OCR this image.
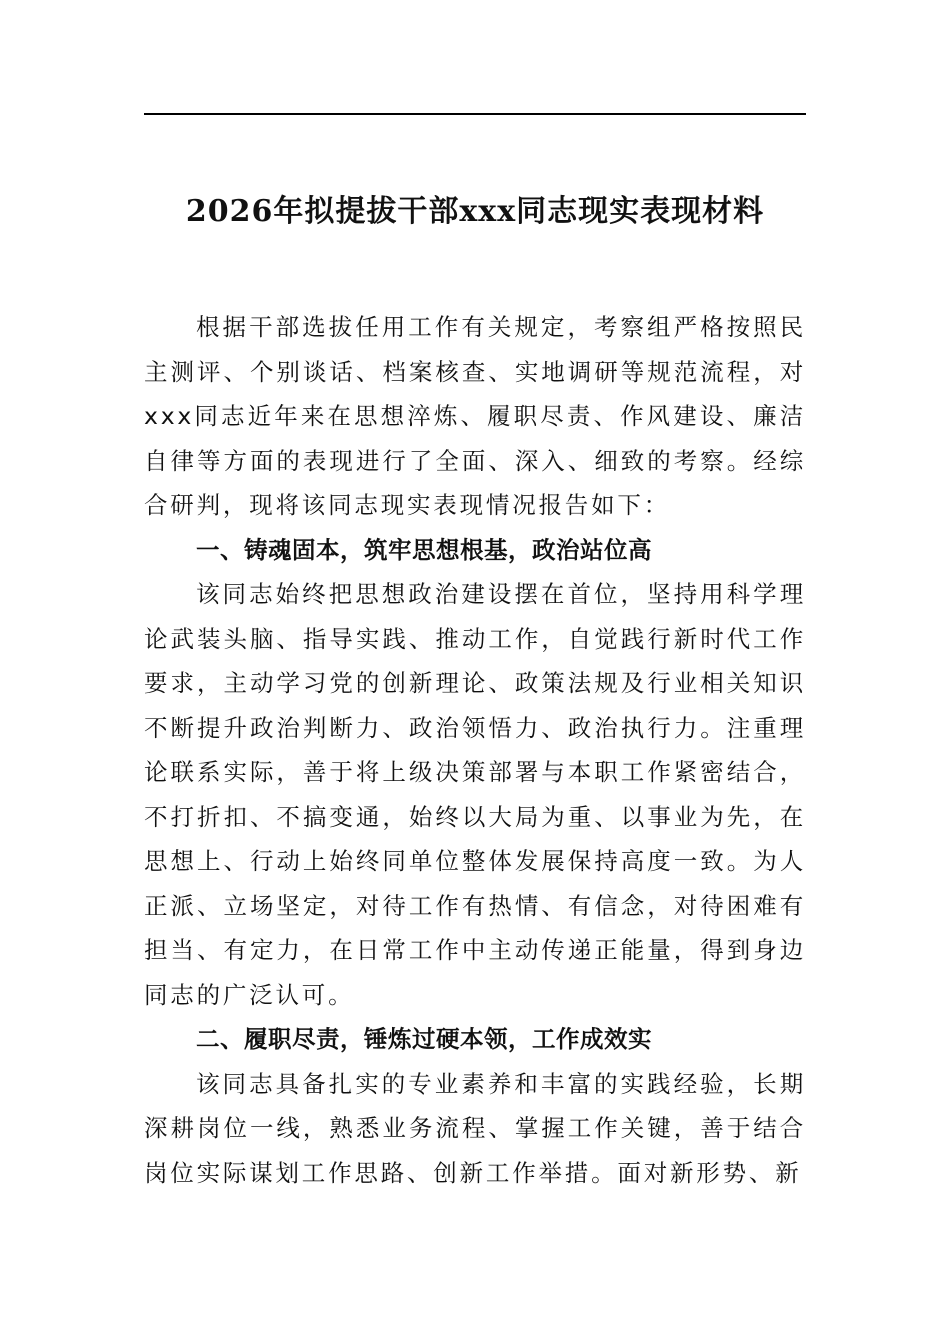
2026年拟提拔干部xxx同志现实表现材料

根据干部选拔任用工作有关规定，考察组严格按照民主测评、个别谈话、档案核查、实地调研等规范流程，对xxx同志近年来在思想淬炼、履职尽责、作风建设、廉洁自律等方面的表现进行了全面、深入、细致的考察。经综合研判，现将该同志现实表现情况报告如下：

一、铸魂固本，筑牢思想根基，政治站位高

该同志始终把思想政治建设摆在首位，坚持用科学理论武装头脑、指导实践、推动工作，自觉践行新时代工作要求，主动学习党的创新理论、政策法规及行业相关知识不断提升政治判断力、政治领悟力、政治执行力。注重理论联系实际，善于将上级决策部署与本职工作紧密结合，不打折扣、不搞变通，始终以大局为重、以事业为先，在思想上、行动上始终同单位整体发展保持高度一致。为人正派、立场坚定，对待工作有热情、有信念，对待困难有担当、有定力，在日常工作中主动传递正能量，得到身边同志的广泛认可。

二、履职尽责，锤炼过硬本领，工作成效实

该同志具备扎实的专业素养和丰富的实践经验，长期深耕岗位一线，熟悉业务流程、掌握工作关键，善于结合岗位实际谋划工作思路、创新工作举措。面对新形势、新
